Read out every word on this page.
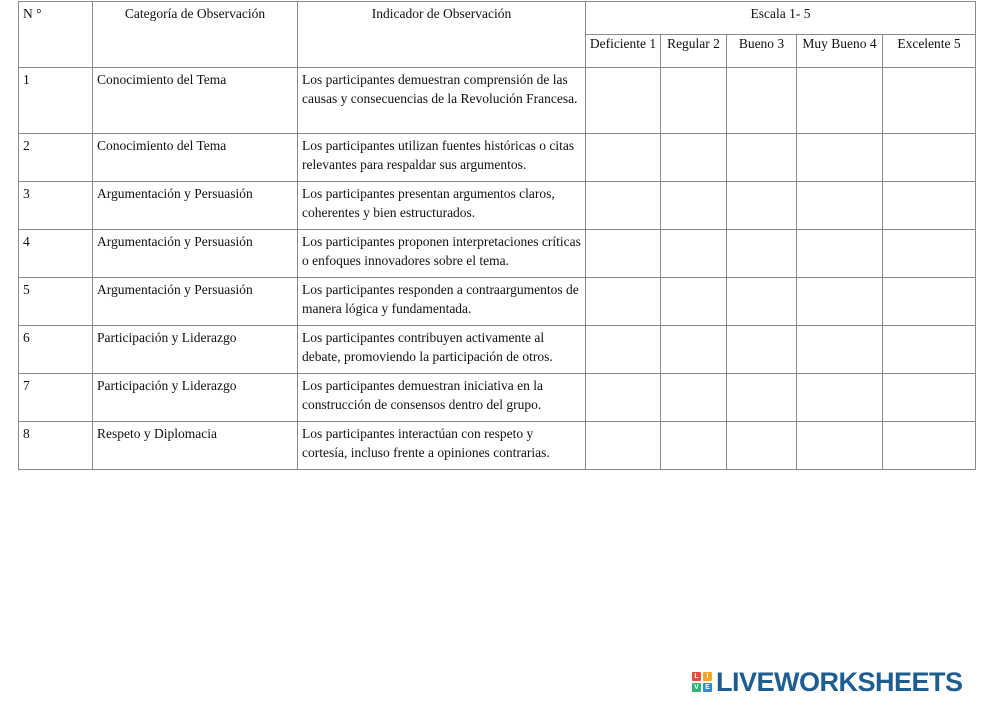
N °	Categoría de Observación	Indicador de Observación	Escala 1- 5				
			Deficiente 1	Regular 2	Bueno 3	Muy Bueno 4	Excelente 5
1	Conocimiento del Tema	Los participantes demuestran comprensión de las causas y consecuencias de la Revolución Francesa.					
2	Conocimiento del Tema	Los participantes utilizan fuentes históricas o citas relevantes para respaldar sus argumentos.					
3	Argumentación y Persuasión	Los participantes presentan argumentos claros, coherentes y bien estructurados.					
4	Argumentación y Persuasión	Los participantes proponen interpretaciones críticas o enfoques innovadores sobre el tema.					
5	Argumentación y Persuasión	Los participantes responden a contraargumentos de manera lógica y fundamentada.					
6	Participación y Liderazgo	Los participantes contribuyen activamente al debate, promoviendo la participación de otros.					
7	Participación y Liderazgo	Los participantes demuestran iniciativa en la construcción de consensos dentro del grupo.					
8	Respeto y Diplomacia	Los participantes interactúan con respeto y cortesía, incluso frente a opiniones contrarias.					
L	I
V E LIVEWORKSHEETS
